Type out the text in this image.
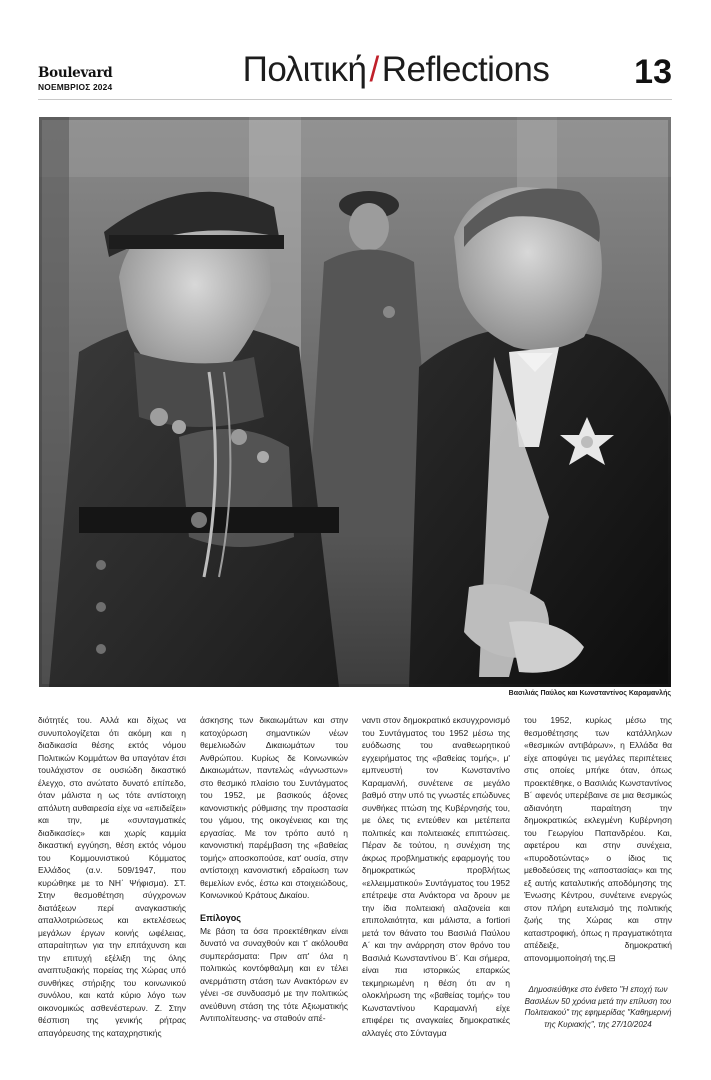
Boulevard
ΝΟΕΜΒΡΙΟΣ 2024	Πολιτική/Reflections	13
Βασιλιάς Παύλος και Κωνσταντίνος Καραμανλής

διότητές του. Αλλά και δίχως να συνυπολογίζεται ότι ακόμη και η διαδικασία θέσης εκτός νόμου Πολιτικών Κομμάτων θα υπαγόταν έτσι τουλάχιστον σε ουσιώδη δικαστικό έλεγχο, στο ανώτατο δυνατό επίπεδο, όταν μάλιστα η ως τότε αντίστοιχη απόλυτη αυθαιρεσία είχε να «επιδείξει» και την, με «συνταγματικές διαδικασίες» και χωρίς καμμία δικαστική εγγύηση, θέση εκτός νόμου του Κομμουνιστικού Κόμματος Ελλάδος (α.ν. 509/1947, που κυρώθηκε με το ΝΗ΄ Ψήφισμα). ΣΤ. Στην θεσμοθέτηση σύγχρονων διατάξεων περί αναγκαστικής απαλλοτριώσεως και εκτελέσεως μεγάλων έργων κοινής ωφέλειας, απαραίτητων για την επιτάχυνση και την επιτυχή εξέλιξη της όλης αναπτυξιακής πορείας της Χώρας υπό συνθήκες στήριξης του κοινωνικού συνόλου, και κατά κύριο λόγο των οικονομικώς ασθενέστερων. Ζ. Στην θέσπιση της γενικής ρήτρας απαγόρευσης της καταχρηστικής

άσκησης των δικαιωμάτων και στην κατοχύρωση σημαντικών νέων θεμελιωδών Δικαιωμάτων του Ανθρώπου. Κυρίως δε Κοινωνικών Δικαιωμάτων, παντελώς «άγνωστων» στο θεσμικό πλαίσιο του Συντάγματος του 1952, με βασικούς άξονες κανονιστικής ρύθμισης την προστασία του γάμου, της οικογένειας και της εργασίας. Με τον τρόπο αυτό η κανονιστική παρέμβαση της «βαθείας τομής» αποσκοπούσε, κατ' ουσία, στην αντίστοιχη κανονιστική εδραίωση των θεμελίων ενός, έστω και στοιχειώδους, Κοινωνικού Κράτους Δικαίου.

Επίλογος

Με βάση τα όσα προεκτέθηκαν είναι δυνατό να συναχθούν και τ' ακόλουθα συμπεράσματα: Πριν απ' όλα η πολιτικώς κοντόφθαλμη και εν τέλει ανερμάτιστη στάση των Ανακτόρων εν γένει -σε συνδυασμό με την πολιτικώς ανεύθυνη στάση της τότε Αξιωματικής Αντιπολίτευσης- να σταθούν απέ-

ναντι στον δημοκρατικό εκσυγχρονισμό του Συντάγματος του 1952 μέσω της ευόδωσης του αναθεωρητικού εγχειρήματος της «βαθείας τομής», μ' εμπνευστή τον Κωνσταντίνο Καραμανλή, συνέτεινε σε μεγάλο βαθμό στην υπό τις γνωστές επώδυνες συνθήκες πτώση της Κυβέρνησής του, με όλες τις εντεύθεν και μετέπειτα πολιτικές και πολιτειακές επιπτώσεις. Πέραν δε τούτου, η συνέχιση της άκρως προβληματικής εφαρμογής του δημοκρατικώς προβλήτως «ελλειμματικού» Συντάγματος του 1952 επέτρεψε στα Ανάκτορα να δρουν με την ίδια πολιτειακή αλαζονεία και επιπολαιότητα, και μάλιστα, a fortiori μετά τον θάνατο του Βασιλιά Παύλου Α΄ και την ανάρρηση στον θρόνο του Βασιλιά Κωνσταντίνου Β΄. Και σήμερα, είναι πια ιστορικώς επαρκώς τεκμηριωμένη η θέση ότι αν η ολοκλήρωση της «βαθείας τομής» του Κωνσταντίνου Καραμανλή είχε επιφέρει τις αναγκαίες δημοκρατικές αλλαγές στο Σύνταγμα

του 1952, κυρίως μέσω της θεσμοθέτησης των κατάλληλων «θεσμικών αντιβάρων», η Ελλάδα θα είχε αποφύγει τις μεγάλες περιπέτειες στις οποίες μπήκε όταν, όπως προεκτέθηκε, ο Βασιλιάς Κωνσταντίνος Β΄ αφενός υπερέβαινε σε μια θεσμικώς αδιανόητη παραίτηση την δημοκρατικώς εκλεγμένη Κυβέρνηση του Γεωργίου Παπανδρέου. Και, αφετέρου και στην συνέχεια, «πυροδοτώντας» ο ίδιος τις μεθοδεύσεις της «αποστασίας» και της εξ αυτής καταλυτικής αποδόμησης της Ένωσης Κέντρου, συνέτεινε ενεργώς στον πλήρη ευτελισμό της πολιτικής ζωής της Χώρας και στην καταστροφική, όπως η πραγματικότητα απέδειξε, δημοκρατική απονομιμοποίησή της.⊟

Δημοσιεύθηκε στο ένθετο "Η εποχή των Βασιλέων 50 χρόνια μετά την επίλυση του Πολιτειακού" της εφημερίδας "Καθημερινή της Κυριακής", της 27/10/2024
